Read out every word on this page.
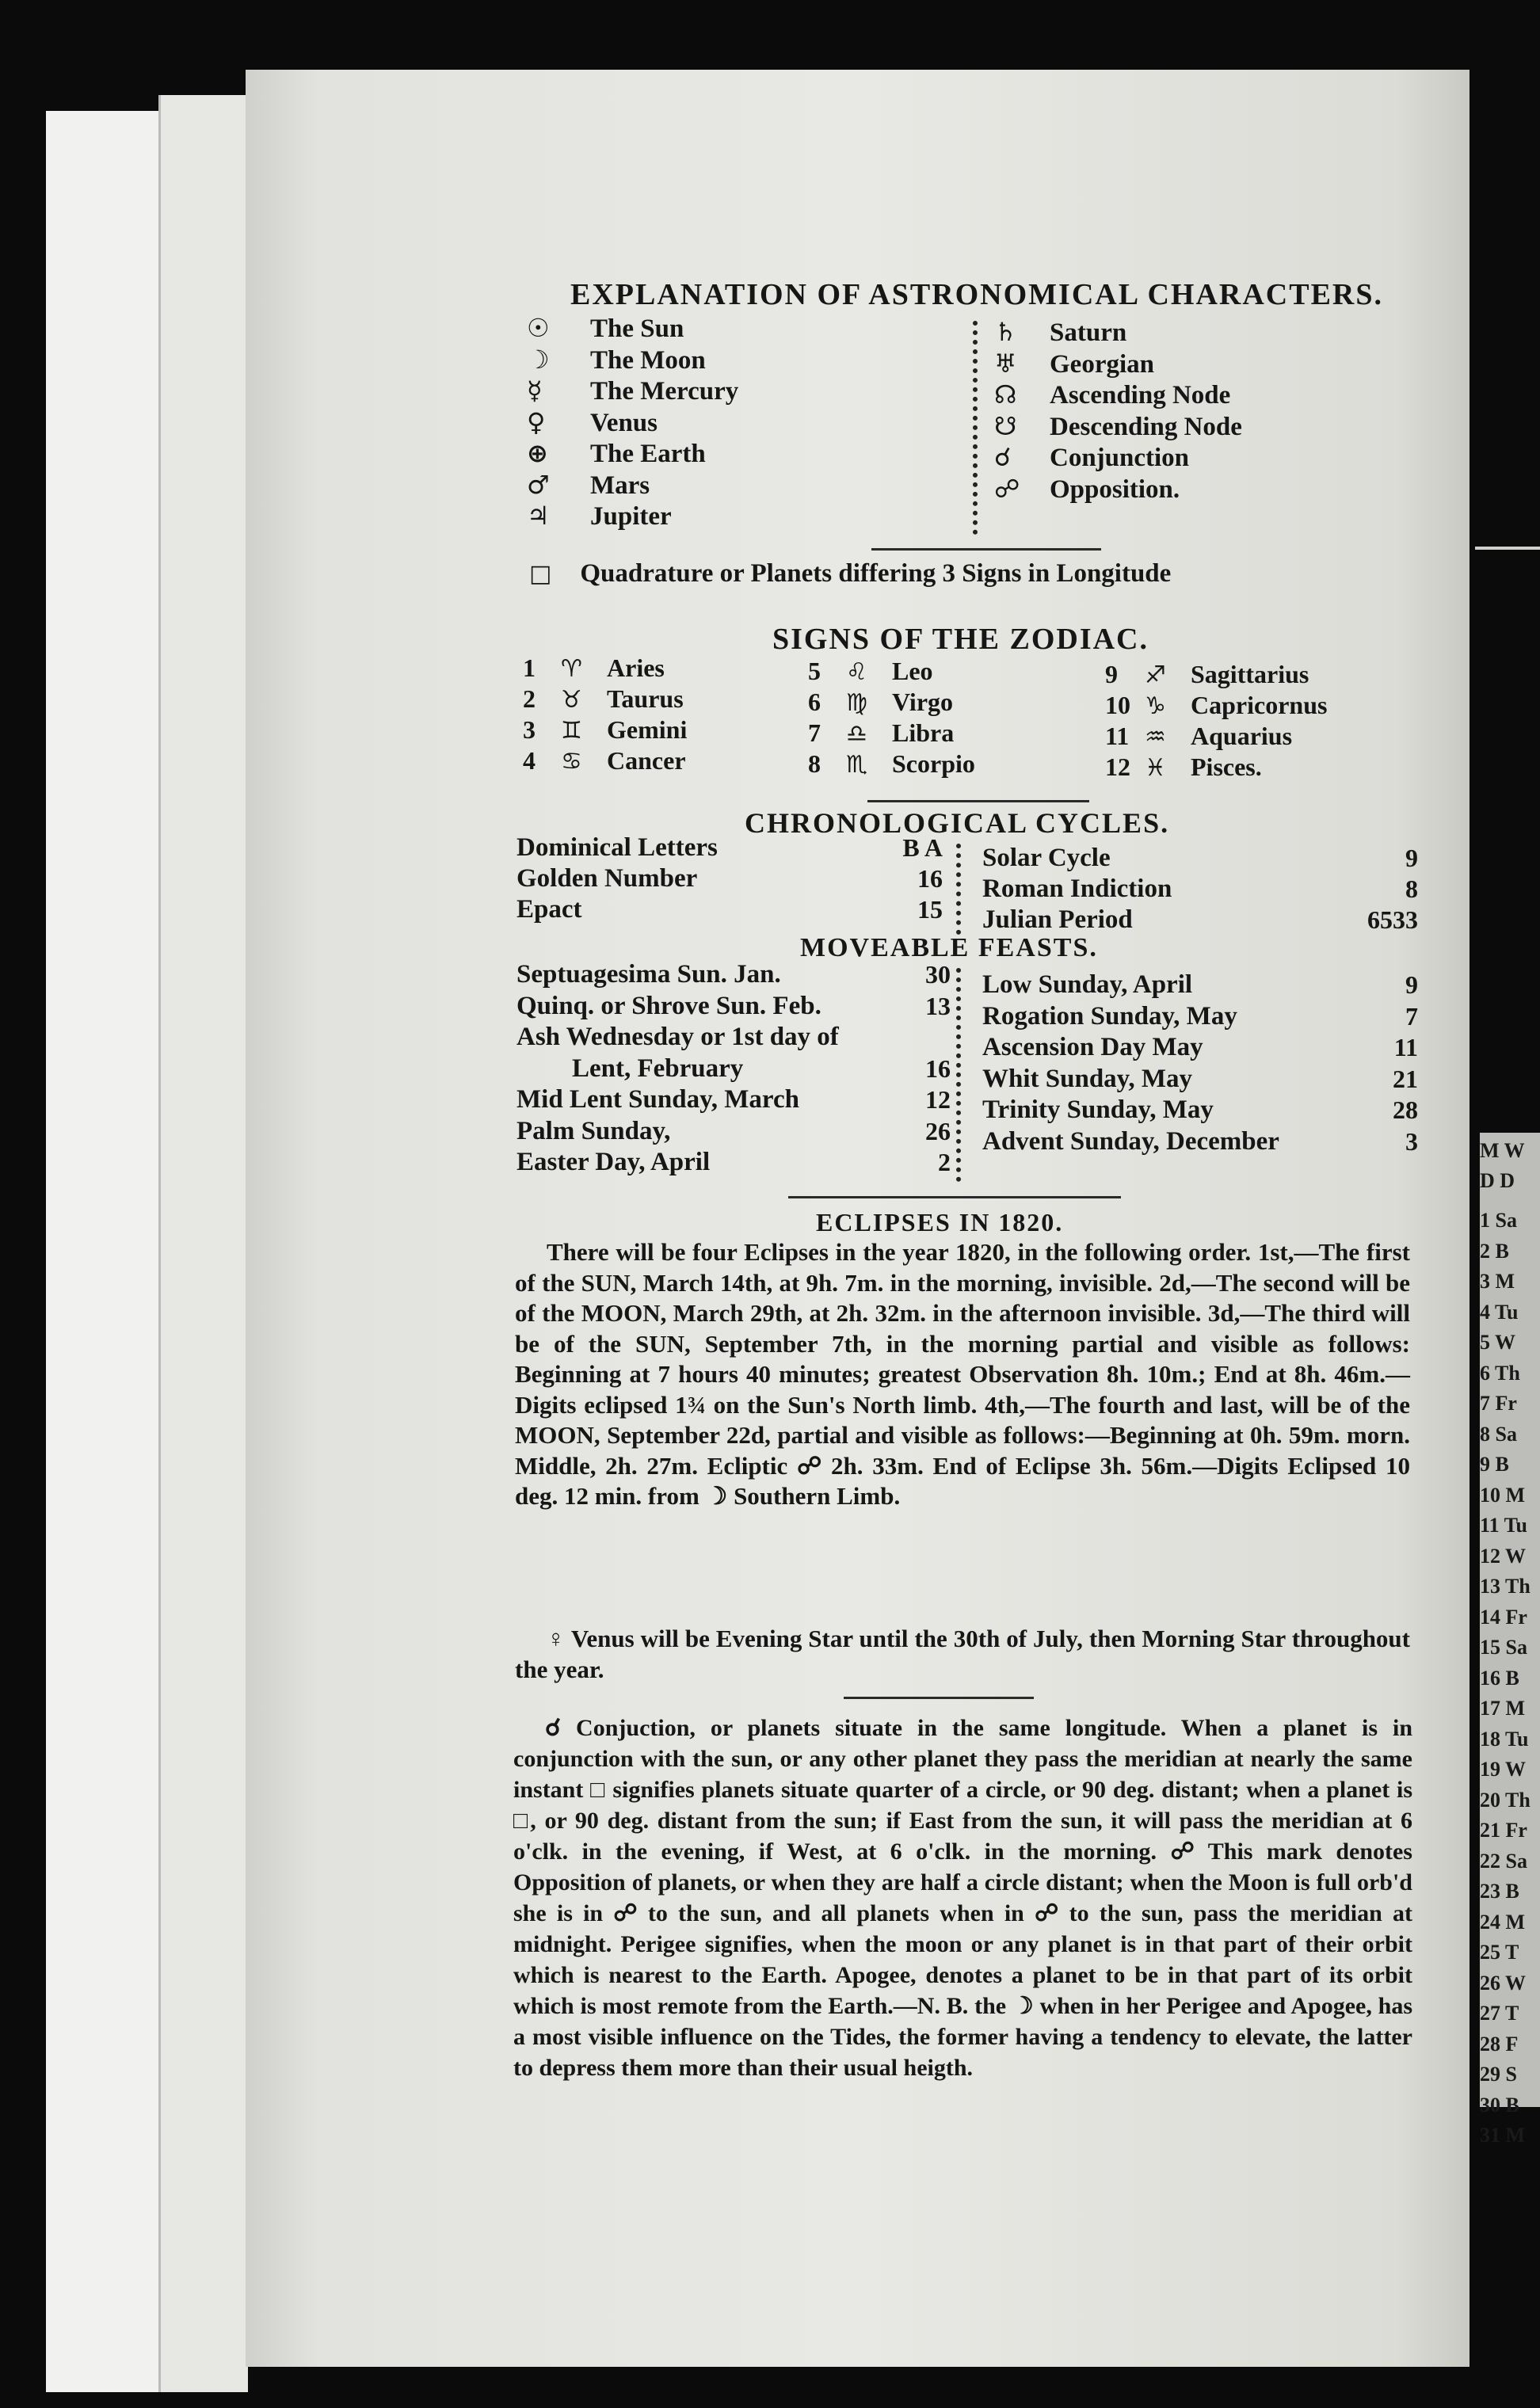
M W
D D
1 Sa
2 B
3 M
4 Tu
5 W
6 Th
7 Fr
8 Sa
9 B
10 M
11 Tu
12 W
13 Th
14 Fr
15 Sa
16 B
17 M
18 Tu
19 W
20 Th
21 Fr
22 Sa
23 B
24 M
25 T
26 W
27 T
28 F
29 S
30 B
31 M
EXPLANATION OF ASTRONOMICAL CHARACTERS.
☉ The Sun
☽ The Moon
☿ The Mercury
♀ Venus
⊕ The Earth
♂ Mars
♃ Jupiter
♄ Saturn
♅ Georgian
☊ Ascending Node
☋ Descending Node
☌ Conjunction
☍ Opposition.
□ Quadrature or Planets differing 3 Signs in Longitude
SIGNS OF THE ZODIAC.
1 ♈ Aries
2 ♉ Taurus
3 ♊ Gemini
4 ♋ Cancer
5 ♌ Leo
6 ♍ Virgo
7 ♎ Libra
8 ♏ Scorpio
9 ♐ Sagittarius
10 ♑ Capricornus
11 ♒ Aquarius
12 ♓ Pisces.
CHRONOLOGICAL CYCLES.
Dominical Letters	B A
Golden Number	16
Epact	15
Solar Cycle	9
Roman Indiction	8
Julian Period	6533
MOVEABLE FEASTS.
Septuagesima Sun. Jan.	30
Quinq. or Shrove Sun. Feb.	13
Ash Wednesday or 1st day of
Lent, February	16
Mid Lent Sunday, March	12
Palm Sunday,	26
Easter Day, April	2
Low Sunday, April	9
Rogation Sunday, May	7
Ascension Day May	11
Whit Sunday, May	21
Trinity Sunday, May	28
Advent Sunday, December	3
ECLIPSES IN 1820.

There will be four Eclipses in the year 1820, in the following order. 1st,—The first of the SUN, March 14th, at 9h. 7m. in the morning, invisible. 2d,—The second will be of the MOON, March 29th, at 2h. 32m. in the afternoon invisible. 3d,—The third will be of the SUN, September 7th, in the morning partial and visible as follows: Beginning at 7 hours 40 minutes; greatest Observation 8h. 10m.; End at 8h. 46m.—Digits eclipsed 1¾ on the Sun's North limb. 4th,—The fourth and last, will be of the MOON, September 22d, partial and visible as follows:—Beginning at 0h. 59m. morn. Middle, 2h. 27m. Ecliptic ☍ 2h. 33m. End of Eclipse 3h. 56m.—Digits Eclipsed 10 deg. 12 min. from ☽ Southern Limb.

♀ Venus will be Evening Star until the 30th of July, then Morning Star throughout the year.

☌ Conjuction, or planets situate in the same longitude. When a planet is in conjunction with the sun, or any other planet they pass the meridian at nearly the same instant □ signifies planets situate quarter of a circle, or 90 deg. distant; when a planet is □, or 90 deg. distant from the sun; if East from the sun, it will pass the meridian at 6 o'clk. in the evening, if West, at 6 o'clk. in the morning. ☍ This mark denotes Opposition of planets, or when they are half a circle distant; when the Moon is full orb'd she is in ☍ to the sun, and all planets when in ☍ to the sun, pass the meridian at midnight. Perigee signifies, when the moon or any planet is in that part of their orbit which is nearest to the Earth. Apogee, denotes a planet to be in that part of its orbit which is most remote from the Earth.—N. B. the ☽ when in her Perigee and Apogee, has a most visible influence on the Tides, the former having a tendency to elevate, the latter to depress them more than their usual heigth.
